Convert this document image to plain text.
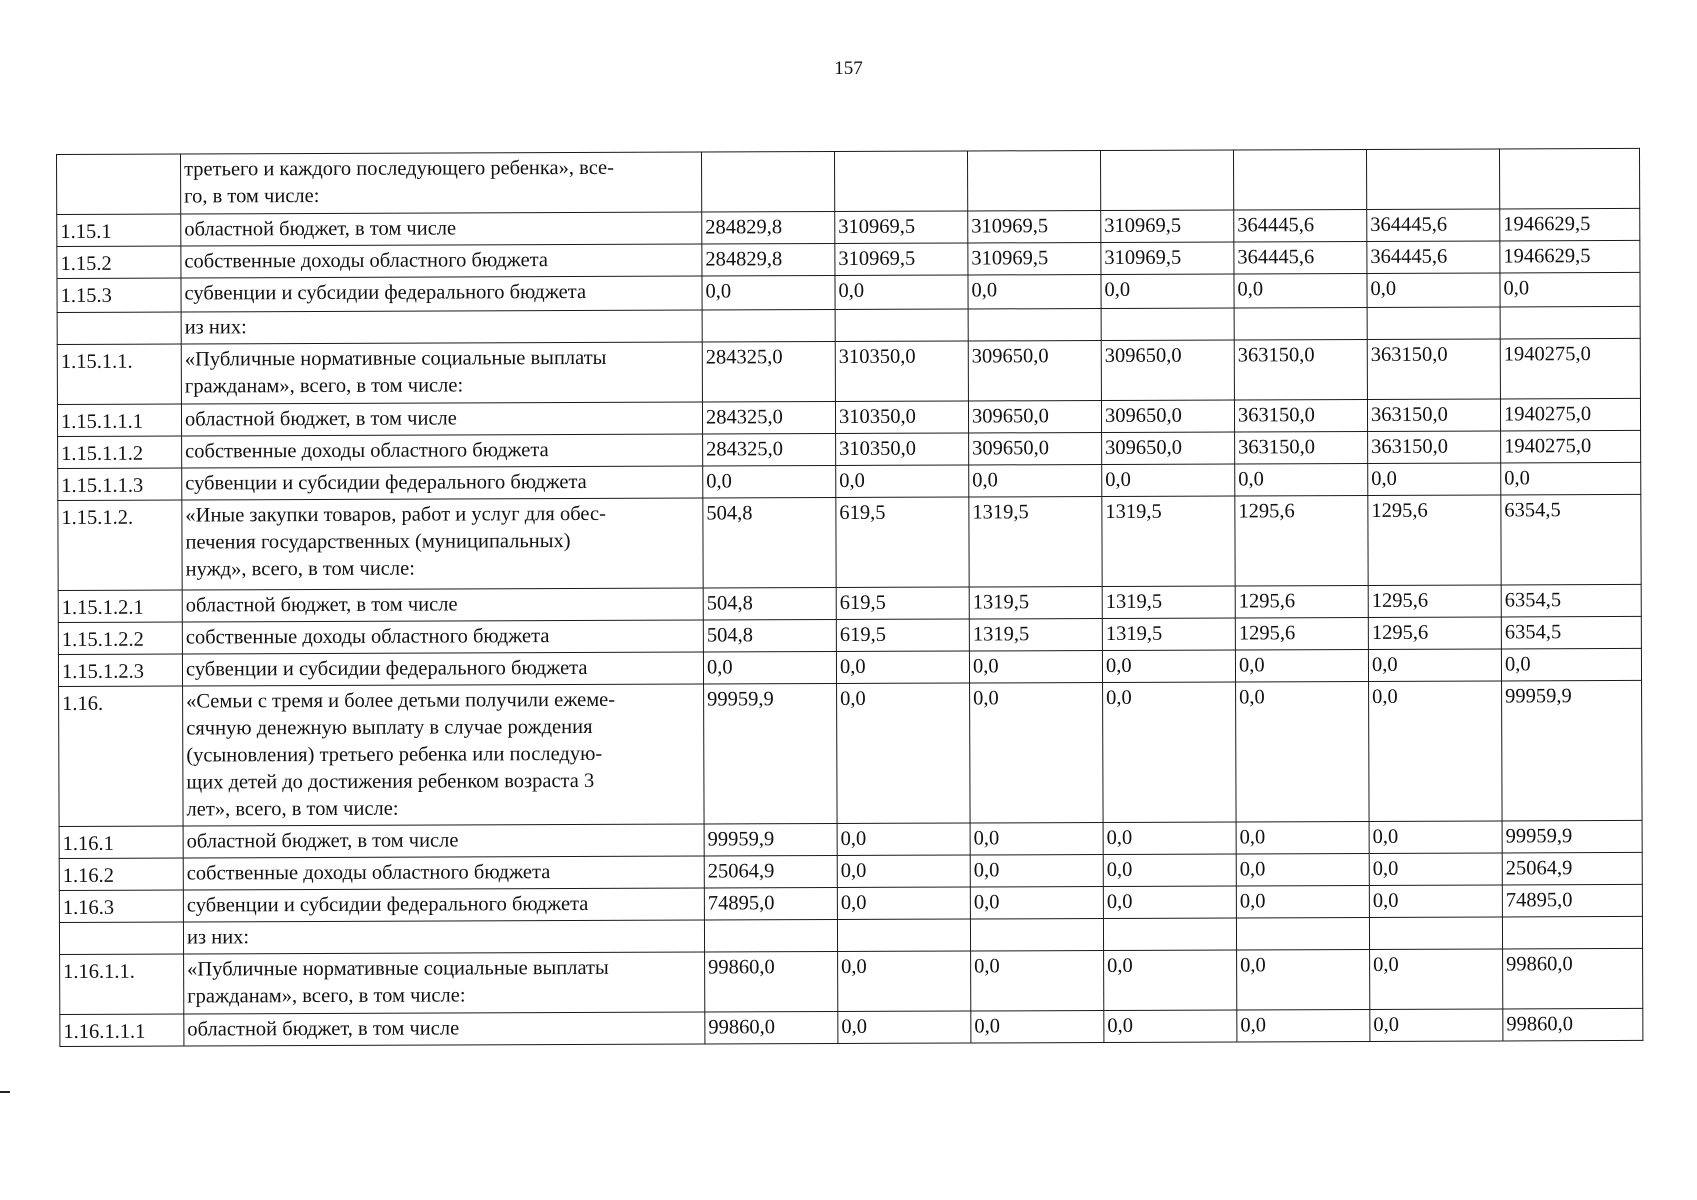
157
	третьего и каждого последующего ребенка», все-
го, в том числе:							
1.15.1	областной бюджет, в том числе	284829,8	310969,5	310969,5	310969,5	364445,6	364445,6	1946629,5
1.15.2	собственные доходы областного бюджета	284829,8	310969,5	310969,5	310969,5	364445,6	364445,6	1946629,5
1.15.3	субвенции и субсидии федерального бюджета	0,0	0,0	0,0	0,0	0,0	0,0	0,0
	из них:							
1.15.1.1.	«Публичные нормативные социальные выплаты
гражданам», всего, в том числе:	284325,0	310350,0	309650,0	309650,0	363150,0	363150,0	1940275,0
1.15.1.1.1	областной бюджет, в том числе	284325,0	310350,0	309650,0	309650,0	363150,0	363150,0	1940275,0
1.15.1.1.2	собственные доходы областного бюджета	284325,0	310350,0	309650,0	309650,0	363150,0	363150,0	1940275,0
1.15.1.1.3	субвенции и субсидии федерального бюджета	0,0	0,0	0,0	0,0	0,0	0,0	0,0
1.15.1.2.	«Иные закупки товаров, работ и услуг для обес-
печения государственных (муниципальных)
нужд», всего, в том числе:	504,8	619,5	1319,5	1319,5	1295,6	1295,6	6354,5
1.15.1.2.1	областной бюджет, в том числе	504,8	619,5	1319,5	1319,5	1295,6	1295,6	6354,5
1.15.1.2.2	собственные доходы областного бюджета	504,8	619,5	1319,5	1319,5	1295,6	1295,6	6354,5
1.15.1.2.3	субвенции и субсидии федерального бюджета	0,0	0,0	0,0	0,0	0,0	0,0	0,0
1.16.	«Семьи с тремя и более детьми получили ежеме-
сячную денежную выплату в случае рождения
(усыновления) третьего ребенка или последую-
щих детей до достижения ребенком возраста 3
лет», всего, в том числе:	99959,9	0,0	0,0	0,0	0,0	0,0	99959,9
1.16.1	областной бюджет, в том числе	99959,9	0,0	0,0	0,0	0,0	0,0	99959,9
1.16.2	собственные доходы областного бюджета	25064,9	0,0	0,0	0,0	0,0	0,0	25064,9
1.16.3	субвенции и субсидии федерального бюджета	74895,0	0,0	0,0	0,0	0,0	0,0	74895,0
	из них:							
1.16.1.1.	«Публичные нормативные социальные выплаты
гражданам», всего, в том числе:	99860,0	0,0	0,0	0,0	0,0	0,0	99860,0
1.16.1.1.1	областной бюджет, в том числе	99860,0	0,0	0,0	0,0	0,0	0,0	99860,0
